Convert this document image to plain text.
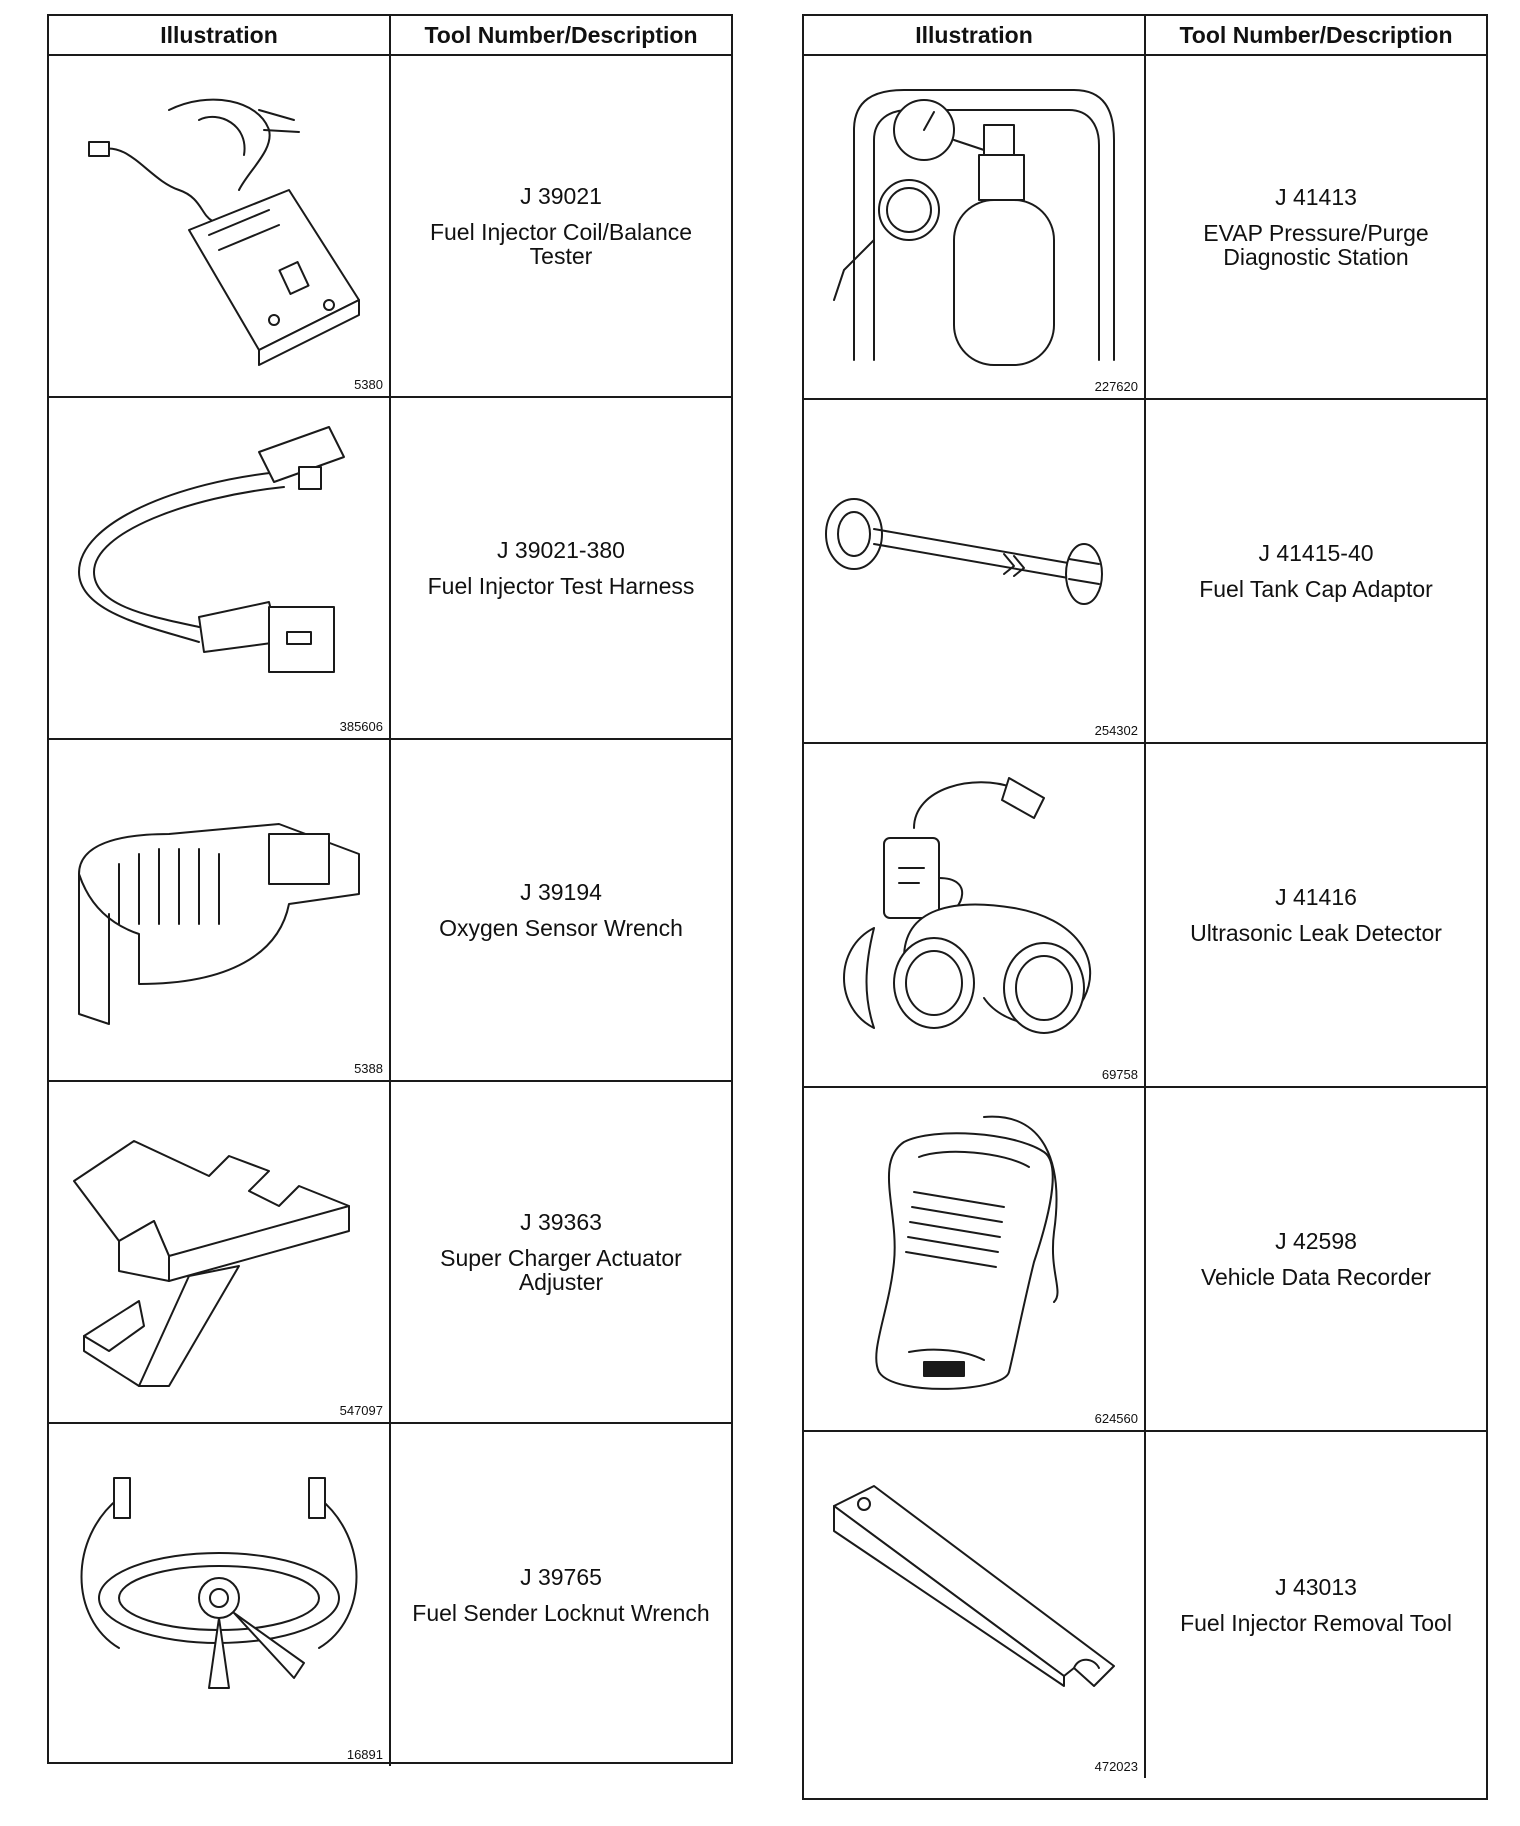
Illustration	Tool Number/Description
5380
J 39021
Fuel Injector Coil/Balance Tester
385606
J 39021-380
Fuel Injector Test Harness
5388
J 39194
Oxygen Sensor Wrench
547097
J 39363
Super Charger Actuator Adjuster
16891
J 39765
Fuel Sender Locknut Wrench
Illustration	Tool Number/Description
227620
J 41413
EVAP Pressure/Purge Diagnostic Station
254302
J 41415-40
Fuel Tank Cap Adaptor
69758
J 41416
Ultrasonic Leak Detector
624560
J 42598
Vehicle Data Recorder
472023
J 43013
Fuel Injector Removal Tool
